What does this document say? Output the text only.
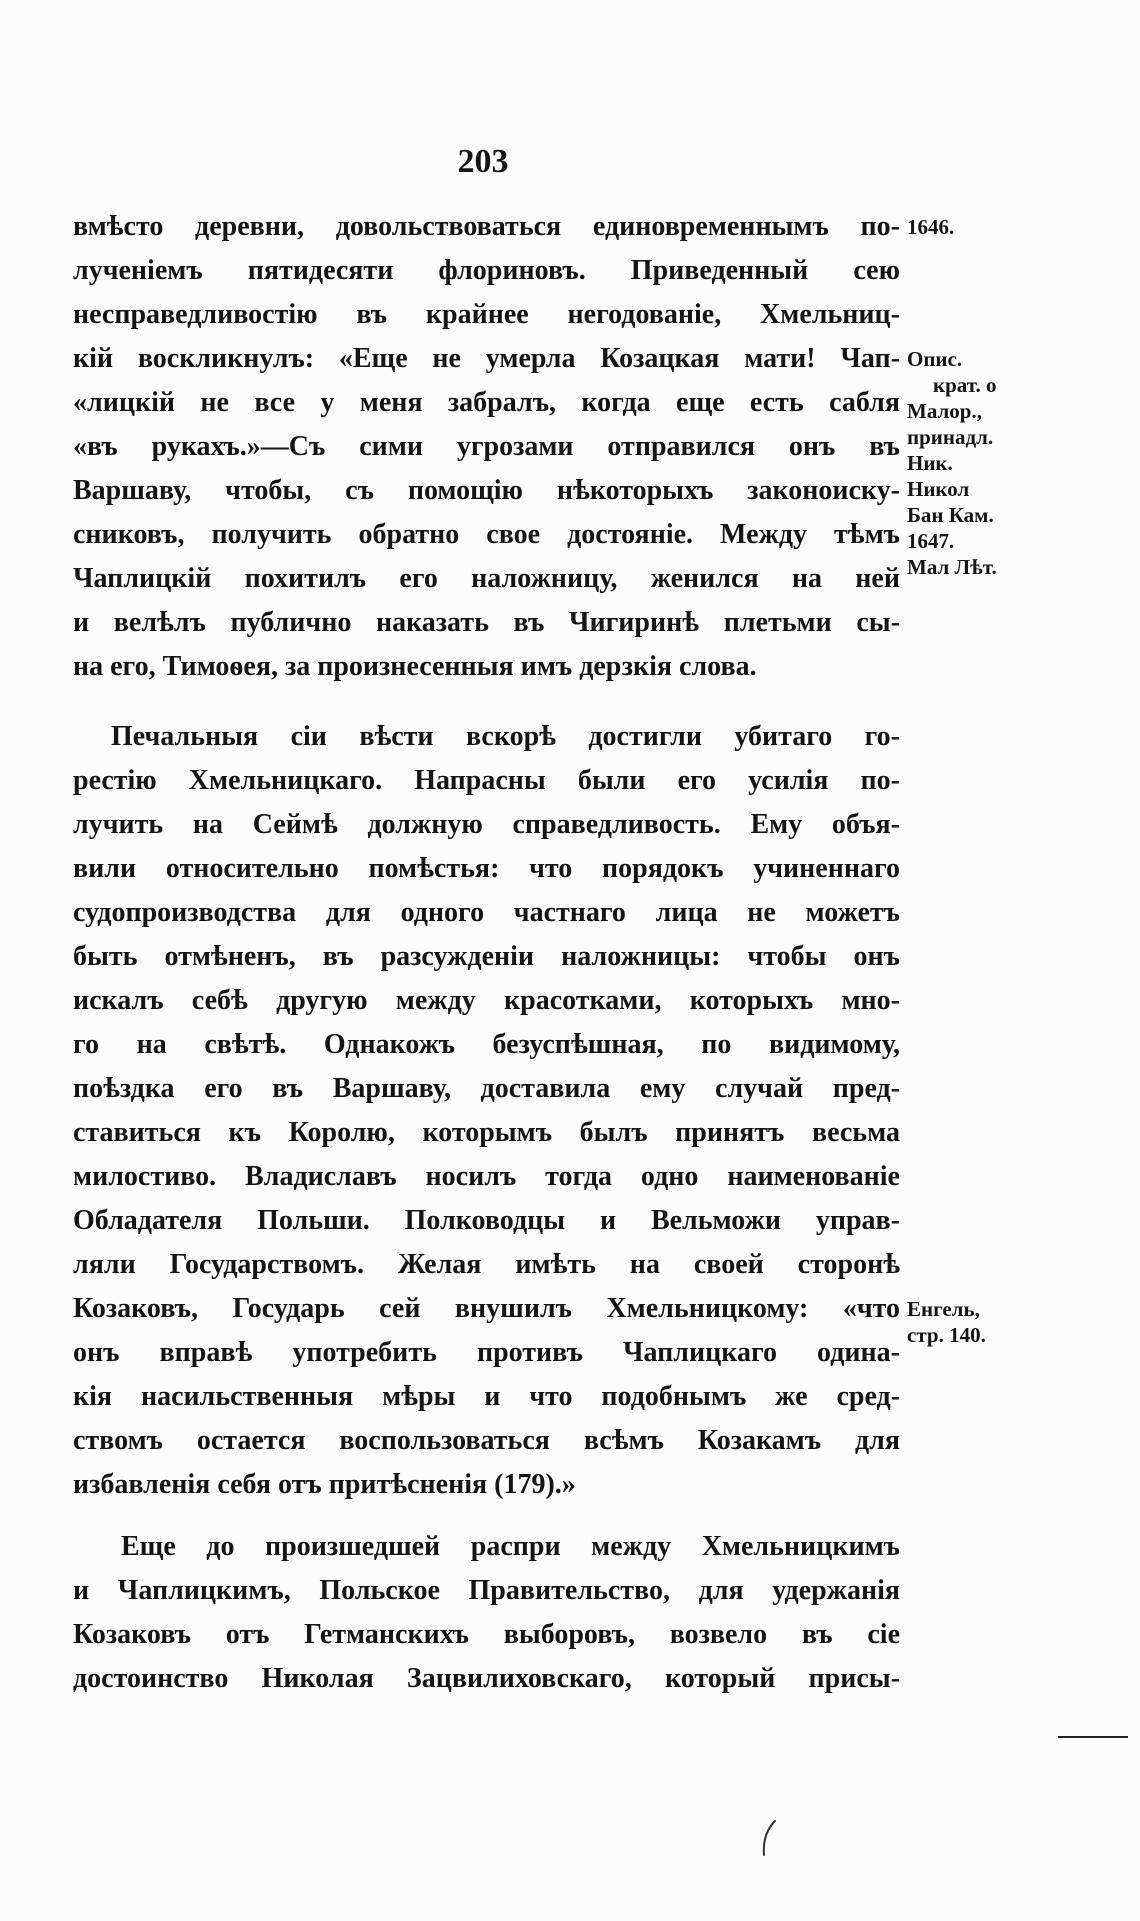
203
вмѣсто деревни, довольствоваться единовременнымъ по-
лученіемъ пятидесяти флориновъ. Приведенный сею
несправедливостію въ крайнее негодованіе, Хмельниц-
кій воскликнулъ: «Еще не умерла Козацкая мати! Чап-
«лицкій не все у меня забралъ, когда еще есть сабля
«въ рукахъ.»—Съ сими угрозами отправился онъ въ
Варшаву, чтобы, съ помощію нѣкоторыхъ законоиску-
сниковъ, получить обратно свое достояніе. Между тѣмъ
Чаплицкій похитилъ его наложницу, женился на ней
и велѣлъ публично наказать въ Чигиринѣ плетьми сы-
на его, Тимоѳея, за произнесенныя имъ дерзкія слова.
Печальныя сіи вѣсти вскорѣ достигли убитаго го-
рестію Хмельницкаго. Напрасны были его усилія по-
лучить на Сеймѣ должную справедливость. Ему объя-
вили относительно помѣстья: что порядокъ учиненнаго
судопроизводства для одного частнаго лица не можетъ
быть отмѣненъ, въ разсужденіи наложницы: чтобы онъ
искалъ себѣ другую между красотками, которыхъ мно-
го на свѣтѣ. Однакожъ безуспѣшная, по видимому,
поѣздка его въ Варшаву, доставила ему случай пред-
ставиться къ Королю, которымъ былъ принятъ весьма
милостиво. Владиславъ носилъ тогда одно наименованіе
Обладателя Польши. Полководцы и Вельможи управ-
ляли Государствомъ. Желая имѣть на своей сторонѣ
Козаковъ, Государь сей внушилъ Хмельницкому: «что
онъ вправѣ употребить противъ Чаплицкаго одина-
кія насильственныя мѣры и что подобнымъ же сред-
ствомъ остается воспользоваться всѣмъ Козакамъ для
избавленія себя отъ притѣсненія (179).»
Еще до произшедшей распри между Хмельницкимъ
и Чаплицкимъ, Польское Правительство, для удержанія
Козаковъ отъ Гетманскихъ выборовъ, возвело въ сіе
достоинство Николая Зацвилиховскаго, который присы-
1646.
Опис.
крат. о
Малор.,
принадл.
Ник.
Никол
Бан Кам.
1647.
Мал Лѣт.
Енгель,
стр. 140.
